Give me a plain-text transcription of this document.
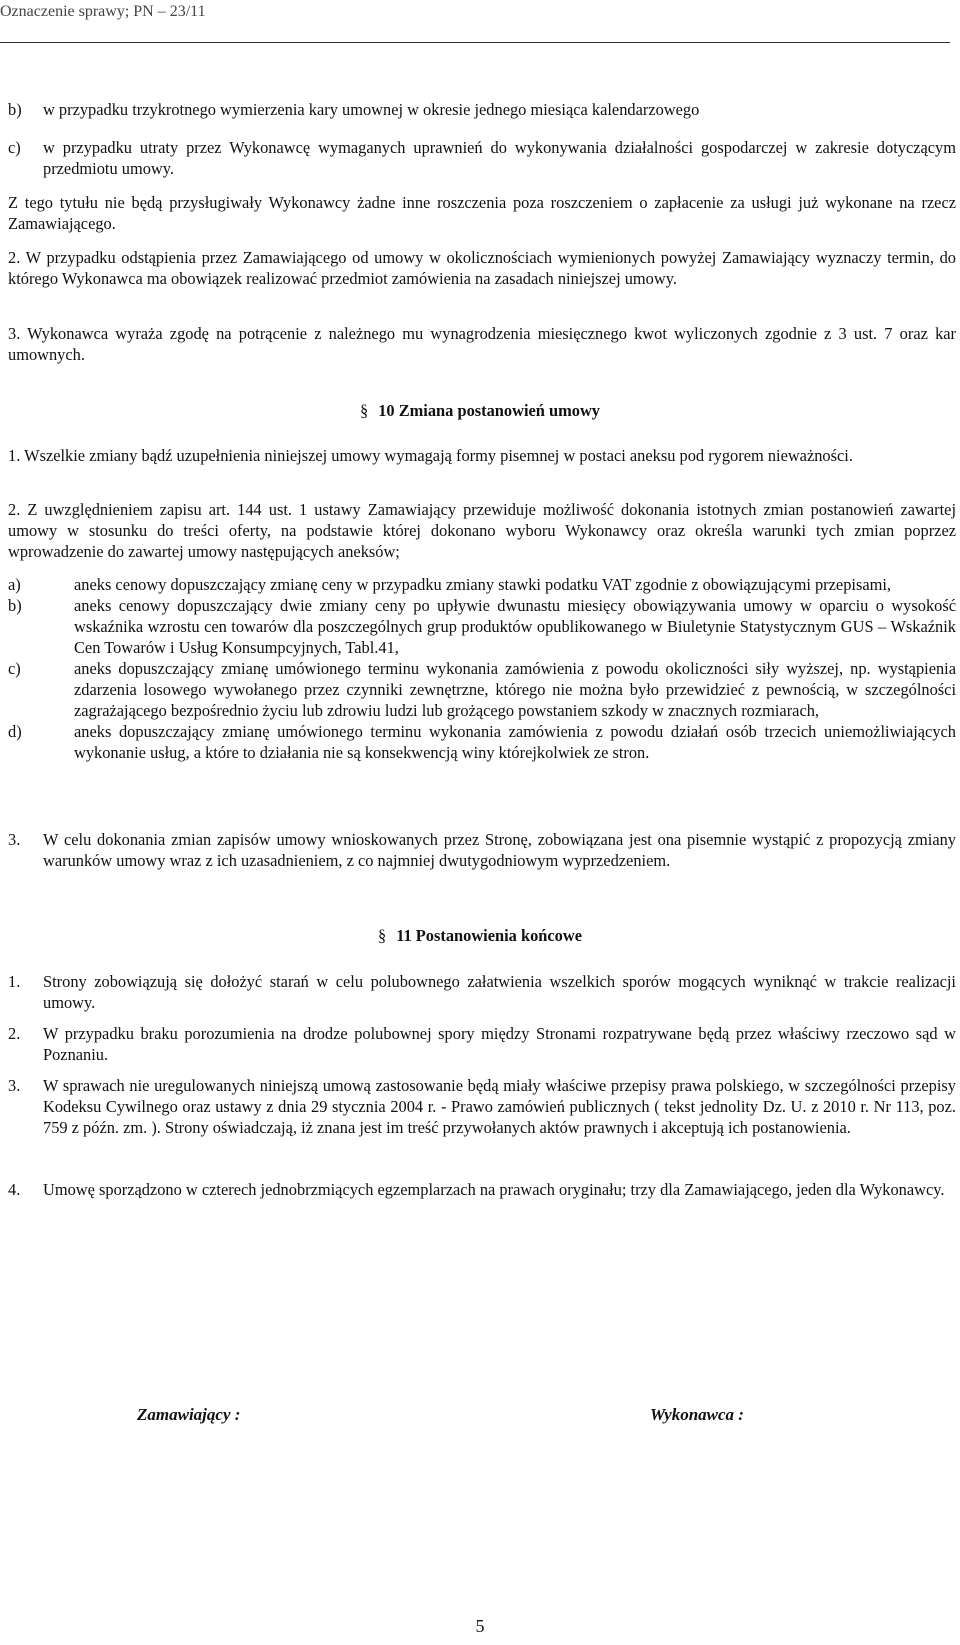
Oznaczenie sprawy; PN – 23/11
b)	w przypadku trzykrotnego wymierzenia kary umownej w okresie jednego miesiąca kalendarzowego
c)	w przypadku utraty przez Wykonawcę wymaganych uprawnień do wykonywania działalności gospodarczej w zakresie dotyczącym przedmiotu umowy.
Z tego tytułu nie będą przysługiwały Wykonawcy żadne inne roszczenia poza roszczeniem o zapłacenie za usługi już wykonane na rzecz Zamawiającego.
2. W przypadku odstąpienia przez Zamawiającego od umowy w okolicznościach wymienionych powyżej Zamawiający wyznaczy termin, do którego Wykonawca ma obowiązek realizować przedmiot zamówienia na zasadach niniejszej umowy.
3. Wykonawca wyraża zgodę na potrącenie z należnego mu wynagrodzenia miesięcznego kwot wyliczonych zgodnie z 3 ust. 7 oraz kar umownych.
§ 10 Zmiana postanowień umowy
1. Wszelkie zmiany bądź uzupełnienia niniejszej umowy wymagają formy pisemnej w postaci aneksu pod rygorem nieważności.
2. Z uwzględnieniem zapisu art. 144 ust. 1 ustawy Zamawiający przewiduje możliwość dokonania istotnych zmian postanowień zawartej umowy w stosunku do treści oferty, na podstawie której dokonano wyboru Wykonawcy oraz określa warunki tych zmian poprzez wprowadzenie do zawartej umowy następujących aneksów;
a)	aneks cenowy dopuszczający zmianę ceny w przypadku zmiany stawki podatku VAT zgodnie z obowiązującymi przepisami,
b)	aneks cenowy dopuszczający dwie zmiany ceny po upływie dwunastu miesięcy obowiązywania umowy w oparciu o wysokość wskaźnika wzrostu cen towarów dla poszczególnych grup produktów opublikowanego w Biuletynie Statystycznym GUS – Wskaźnik Cen Towarów i Usług Konsumpcyjnych, Tabl.41,
c)	aneks dopuszczający zmianę umówionego terminu wykonania zamówienia z powodu okoliczności siły wyższej, np. wystąpienia zdarzenia losowego wywołanego przez czynniki zewnętrzne, którego nie można było przewidzieć z pewnością, w szczególności zagrażającego bezpośrednio życiu lub zdrowiu ludzi lub grożącego powstaniem szkody w znacznych rozmiarach,
d)	aneks dopuszczający zmianę umówionego terminu wykonania zamówienia z powodu działań osób trzecich uniemożliwiających wykonanie usług, a które to działania nie są konsekwencją winy którejkolwiek ze stron.
3.	W celu dokonania zmian zapisów umowy wnioskowanych przez Stronę, zobowiązana jest ona pisemnie wystąpić z propozycją zmiany warunków umowy wraz z ich uzasadnieniem, z co najmniej dwutygodniowym wyprzedzeniem.
§ 11 Postanowienia końcowe
1.	Strony zobowiązują się dołożyć starań w celu polubownego załatwienia wszelkich sporów mogących wyniknąć w trakcie realizacji umowy.
2.	W przypadku braku porozumienia na drodze polubownej spory między Stronami rozpatrywane będą przez właściwy rzeczowo sąd w Poznaniu.
3.	W sprawach nie uregulowanych niniejszą umową zastosowanie będą miały właściwe przepisy prawa polskiego, w szczególności przepisy Kodeksu Cywilnego oraz ustawy z dnia 29 stycznia 2004 r. - Prawo zamówień publicznych ( tekst jednolity Dz. U. z 2010 r. Nr 113, poz. 759 z późn. zm. ). Strony oświadczają, iż znana jest im treść przywołanych aktów prawnych i akceptują ich postanowienia.
4.	Umowę sporządzono w czterech jednobrzmiących egzemplarzach na prawach oryginału; trzy dla Zamawiającego, jeden dla Wykonawcy.
Zamawiający :	Wykonawca :
5
